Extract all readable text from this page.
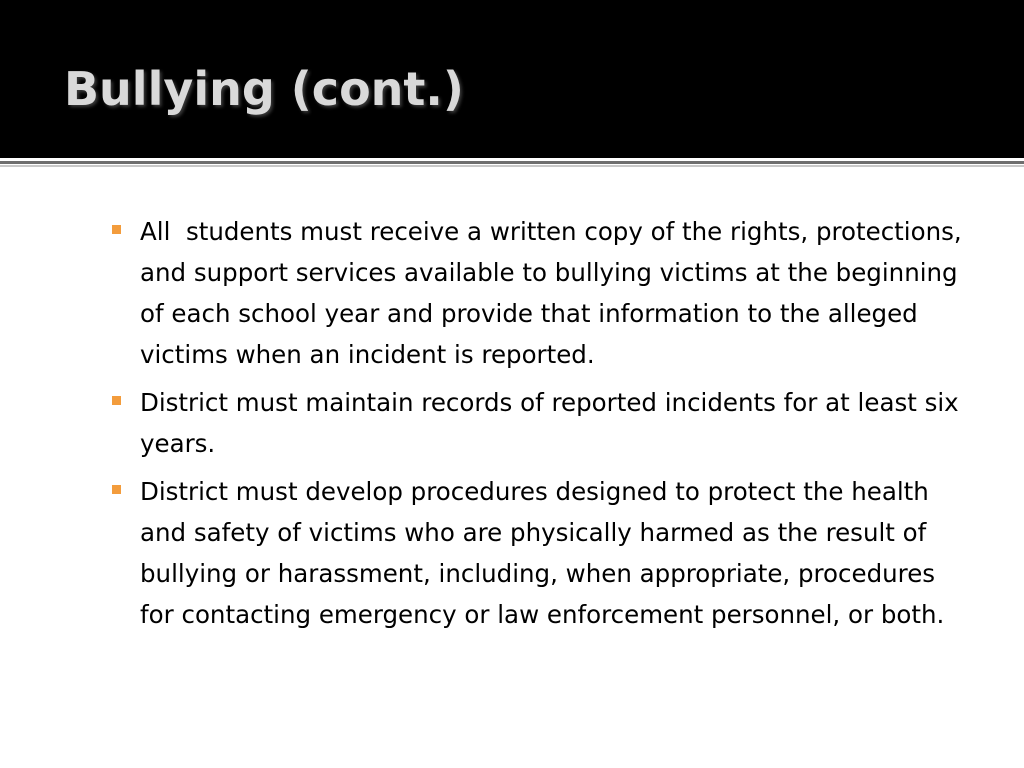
Bullying (cont.)
All  students must receive a written copy of the rights, protections, and support services available to bullying victims at the beginning of each school year and provide that information to the alleged victims when an incident is reported.
District must maintain records of reported incidents for at least six years.
District must develop procedures designed to protect the health and safety of victims who are physically harmed as the result of bullying or harassment, including, when appropriate, procedures for contacting emergency or law enforcement personnel, or both.
